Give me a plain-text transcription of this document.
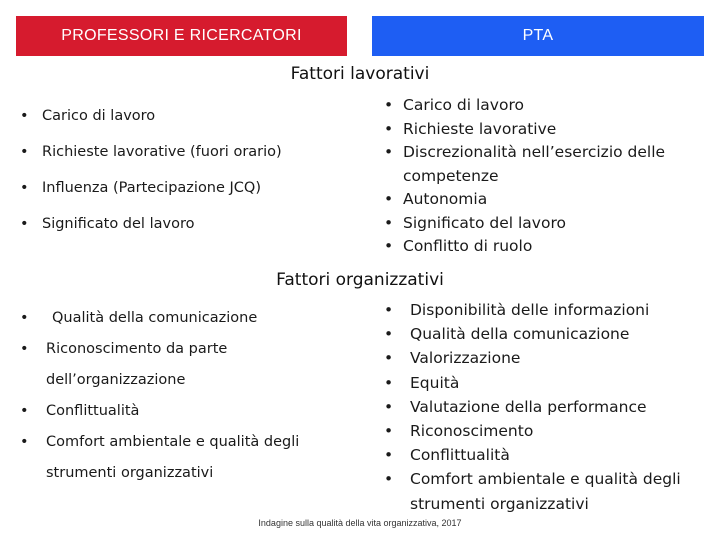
PROFESSORI E RICERCATORI	PTA
Fattori lavorativi
• Carico di lavoro
• Richieste lavorative (fuori orario)
• Influenza (Partecipazione JCQ)
• Significato del lavoro
• Carico di lavoro
• Richieste lavorative
• Discrezionalità nell’esercizio delle competenze
• Autonomia
• Significato del lavoro
• Conflitto di ruolo
Fattori organizzativi
• Qualità della comunicazione
• Riconoscimento da parte dell’organizzazione
• Conflittualità
• Comfort ambientale e qualità degli strumenti organizzativi
• Disponibilità delle informazioni
• Qualità della comunicazione
• Valorizzazione
• Equità
• Valutazione della performance
• Riconoscimento
• Conflittualità
• Comfort ambientale e qualità degli strumenti organizzativi
Indagine sulla qualità della vita organizzativa, 2017
